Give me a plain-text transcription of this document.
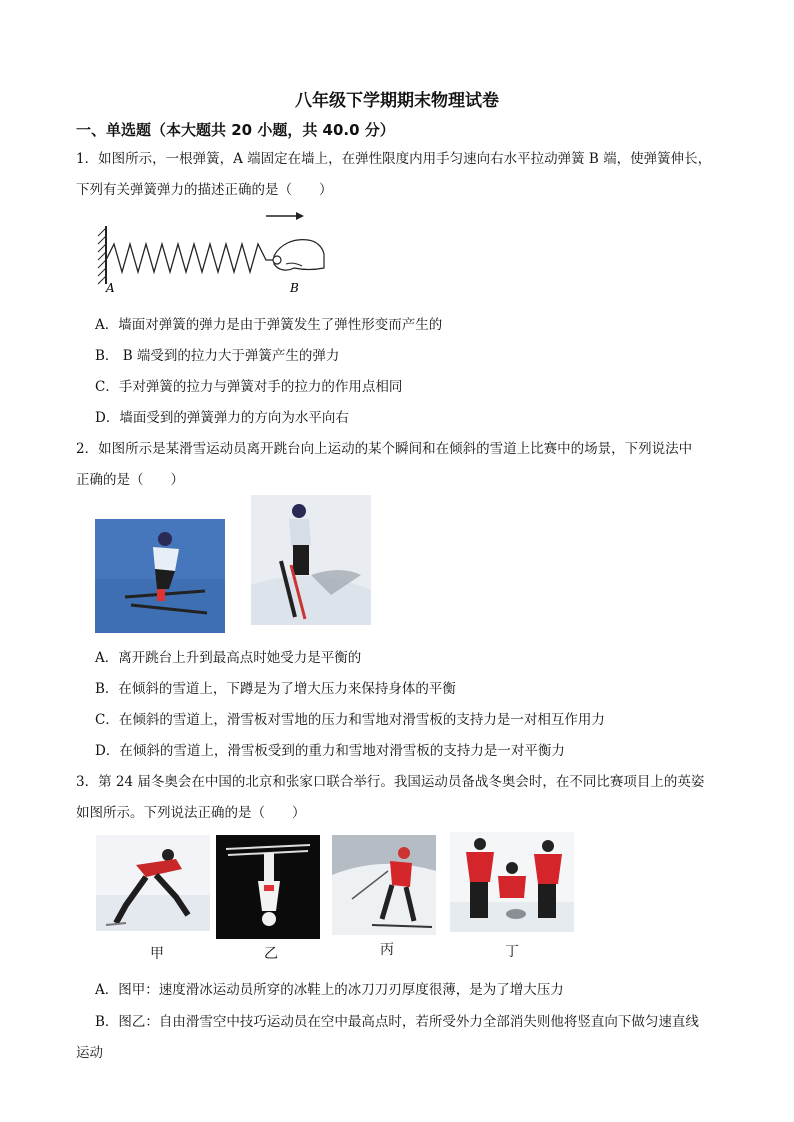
八年级下学期期末物理试卷
一、单选题（本大题共 20 小题，共 40.0 分）
1．如图所示，一根弹簧，A 端固定在墙上，在弹性限度内用手匀速向右水平拉动弹簧 B 端，使弹簧伸长，
下列有关弹簧弹力的描述正确的是（　　）
A	B
A．墙面对弹簧的弹力是由于弹簧发生了弹性形变而产生的
B． B 端受到的拉力大于弹簧产生的弹力
C．手对弹簧的拉力与弹簧对手的拉力的作用点相同
D．墙面受到的弹簧弹力的方向为水平向右
2．如图所示是某滑雪运动员离开跳台向上运动的某个瞬间和在倾斜的雪道上比赛中的场景，下列说法中
正确的是（　　）
A．离开跳台上升到最高点时她受力是平衡的
B．在倾斜的雪道上，下蹲是为了增大压力来保持身体的平衡
C．在倾斜的雪道上，滑雪板对雪地的压力和雪地对滑雪板的支持力是一对相互作用力
D．在倾斜的雪道上，滑雪板受到的重力和雪地对滑雪板的支持力是一对平衡力
3．第 24 届冬奥会在中国的北京和张家口联合举行。我国运动员备战冬奥会时，在不同比赛项目上的英姿
如图所示。下列说法正确的是（　　）
甲	乙	丙	丁
A．图甲：速度滑冰运动员所穿的冰鞋上的冰刀刀刃厚度很薄，是为了增大压力
B．图乙：自由滑雪空中技巧运动员在空中最高点时，若所受外力全部消失则他将竖直向下做匀速直线
运动
